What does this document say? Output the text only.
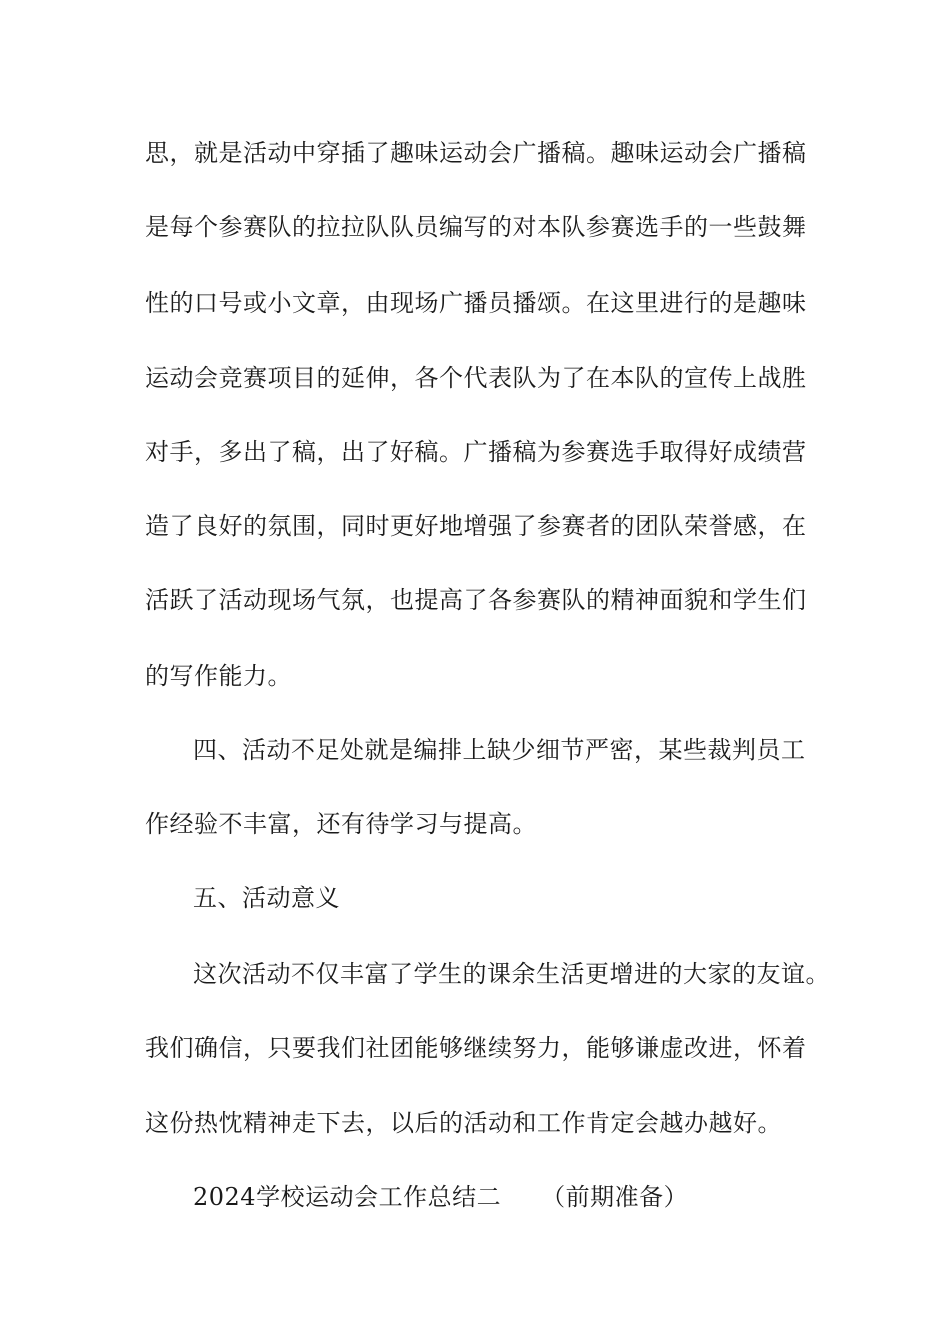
思，就是活动中穿插了趣味运动会广播稿。趣味运动会广播稿
是每个参赛队的拉拉队队员编写的对本队参赛选手的一些鼓舞
性的口号或小文章，由现场广播员播颂。在这里进行的是趣味
运动会竞赛项目的延伸，各个代表队为了在本队的宣传上战胜
对手，多出了稿，出了好稿。广播稿为参赛选手取得好成绩营
造了良好的氛围，同时更好地增强了参赛者的团队荣誉感，在
活跃了活动现场气氛，也提高了各参赛队的精神面貌和学生们
的写作能力。
四、活动不足处就是编排上缺少细节严密，某些裁判员工
作经验不丰富，还有待学习与提高。
五、活动意义
这次活动不仅丰富了学生的课余生活更增进的大家的友谊。
我们确信，只要我们社团能够继续努力，能够谦虚改进，怀着
这份热忱精神走下去，以后的活动和工作肯定会越办越好。
2024学校运动会工作总结二 （前期准备）
